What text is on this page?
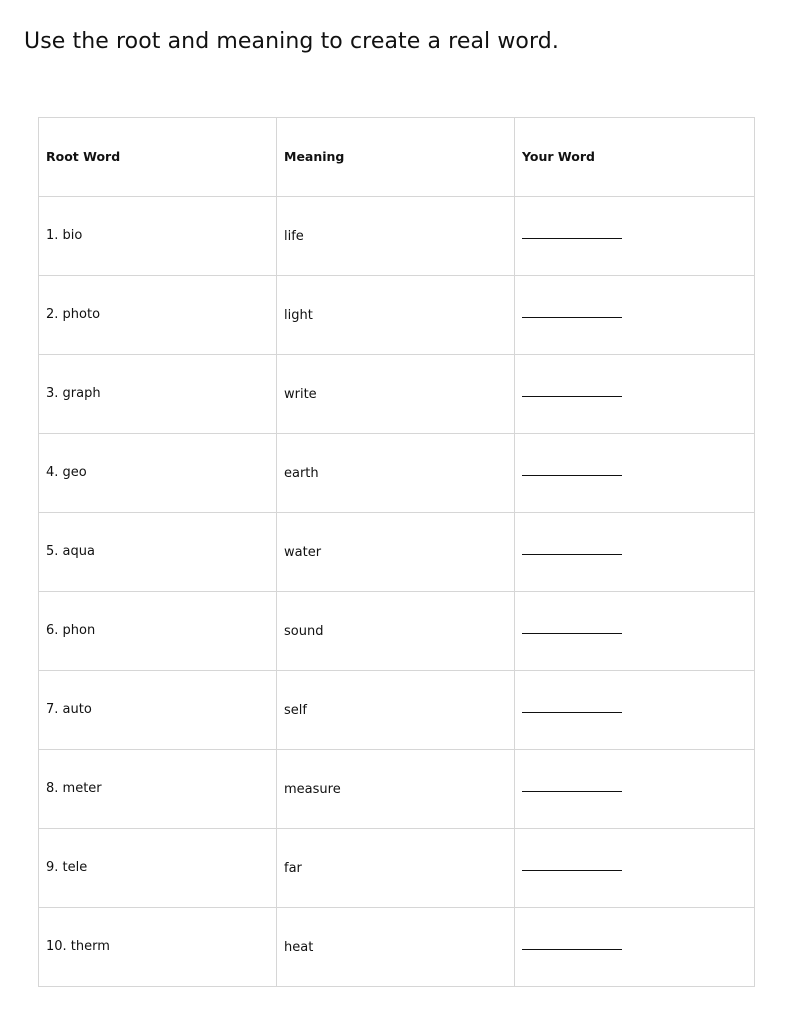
Use the root and meaning to create a real word.
Root Word	Meaning	Your Word
1. bio	life	

2. photo	light	

3. graph	write	

4. geo	earth	

5. aqua	water	

6. phon	sound	

7. auto	self	

8. meter	measure	

9. tele	far	

10. therm	heat	
